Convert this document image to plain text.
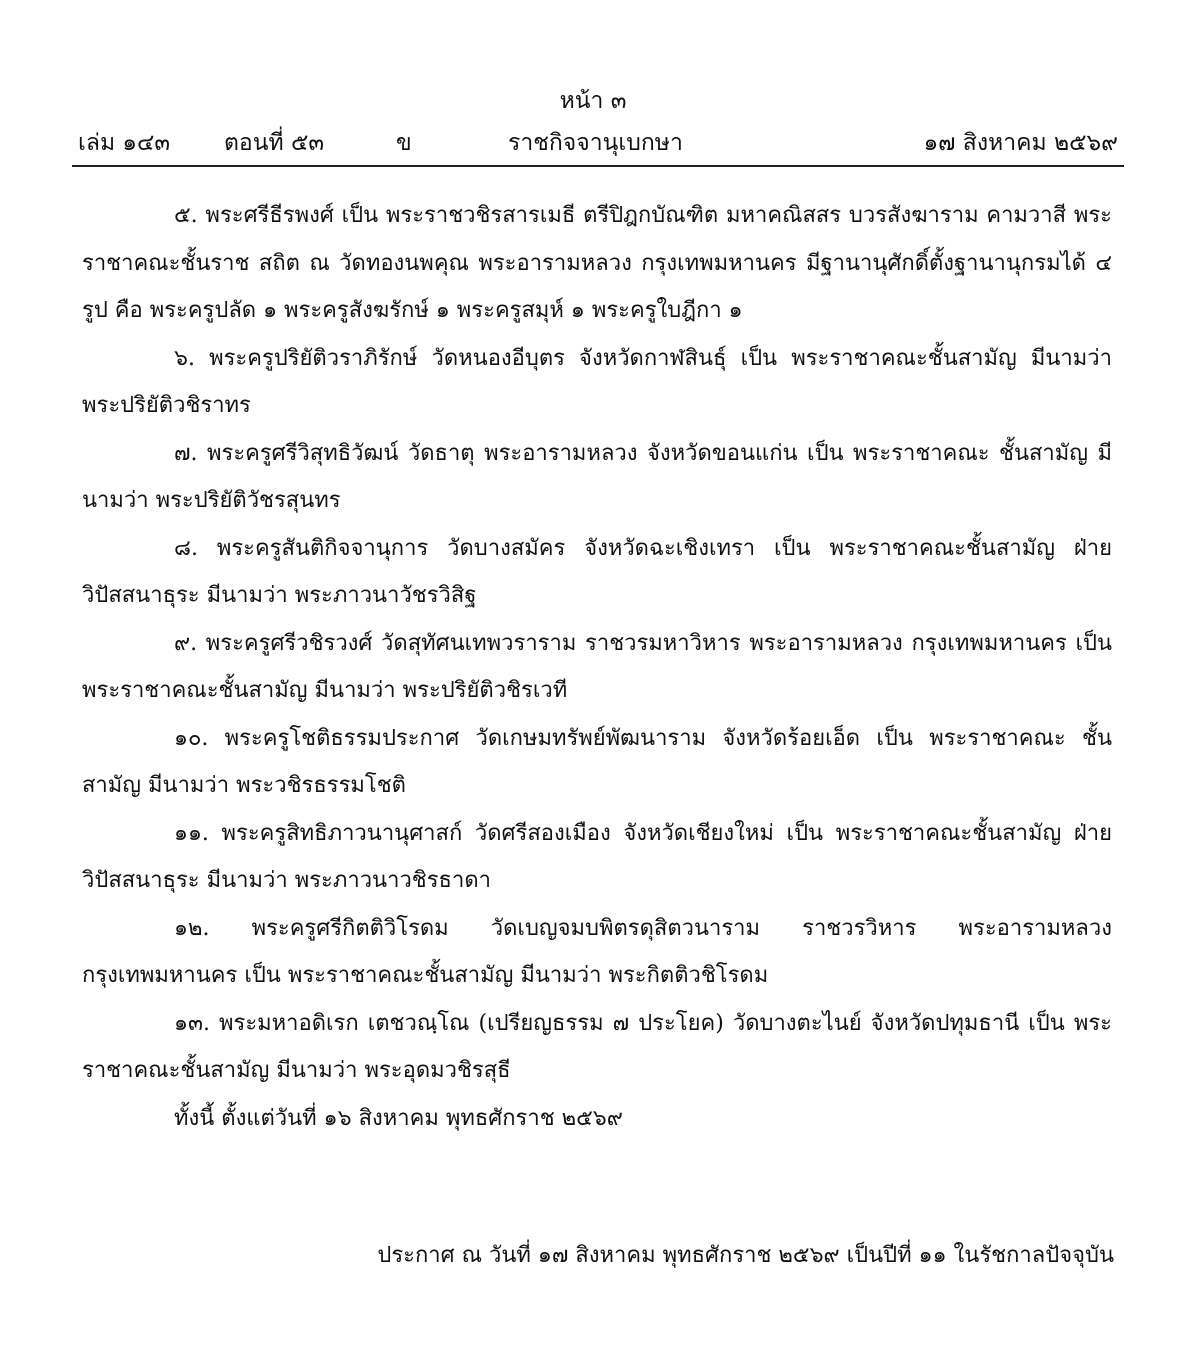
หน้า ๓
เล่ม ๑๔๓ ตอนที่ ๕๓	ข	ราชกิจจานุเบกษา	๑๗ สิงหาคม ๒๕๖๙

๕. พระศรีธีรพงศ์ เป็น พระราชวชิรสารเมธี ตรีปิฎกบัณฑิต มหาคณิสสร บวรสังฆาราม คามวาสี พระราชาคณะชั้นราช สถิต ณ วัดทองนพคุณ พระอารามหลวง กรุงเทพมหานคร มีฐานานุศักดิ์ตั้งฐานานุกรมได้ ๔ รูป คือ พระครูปลัด ๑ พระครูสังฆรักษ์ ๑ พระครูสมุห์ ๑ พระครูใบฎีกา ๑

๖. พระครูปริยัติวราภิรักษ์ วัดหนองอีบุตร จังหวัดกาฬสินธุ์ เป็น พระราชาคณะชั้นสามัญ มีนามว่า พระปริยัติวชิราทร

๗. พระครูศรีวิสุทธิวัฒน์ วัดธาตุ พระอารามหลวง จังหวัดขอนแก่น เป็น พระราชาคณะ ชั้นสามัญ มีนามว่า พระปริยัติวัชรสุนทร

๘. พระครูสันติกิจจานุการ วัดบางสมัคร จังหวัดฉะเชิงเทรา เป็น พระราชาคณะชั้นสามัญ ฝ่ายวิปัสสนาธุระ มีนามว่า พระภาวนาวัชรวิสิฐ

๙. พระครูศรีวชิรวงศ์ วัดสุทัศนเทพวราราม ราชวรมหาวิหาร พระอารามหลวง กรุงเทพมหานคร เป็น พระราชาคณะชั้นสามัญ มีนามว่า พระปริยัติวชิรเวที

๑๐. พระครูโชติธรรมประกาศ วัดเกษมทรัพย์พัฒนาราม จังหวัดร้อยเอ็ด เป็น พระราชาคณะ ชั้นสามัญ มีนามว่า พระวชิรธรรมโชติ

๑๑. พระครูสิทธิภาวนานุศาสก์ วัดศรีสองเมือง จังหวัดเชียงใหม่ เป็น พระราชาคณะชั้นสามัญ ฝ่ายวิปัสสนาธุระ มีนามว่า พระภาวนาวชิรธาดา

๑๒. พระครูศรีกิตติวิโรดม วัดเบญจมบพิตรดุสิตวนาราม ราชวรวิหาร พระอารามหลวง กรุงเทพมหานคร เป็น พระราชาคณะชั้นสามัญ มีนามว่า พระกิตติวชิโรดม

๑๓. พระมหาอดิเรก เตชวณฺโณ (เปรียญธรรม ๗ ประโยค) วัดบางตะไนย์ จังหวัดปทุมธานี เป็น พระราชาคณะชั้นสามัญ มีนามว่า พระอุดมวชิรสุธี

ทั้งนี้ ตั้งแต่วันที่ ๑๖ สิงหาคม พุทธศักราช ๒๕๖๙

ประกาศ ณ วันที่ ๑๗ สิงหาคม พุทธศักราช ๒๕๖๙ เป็นปีที่ ๑๑ ในรัชกาลปัจจุบัน
